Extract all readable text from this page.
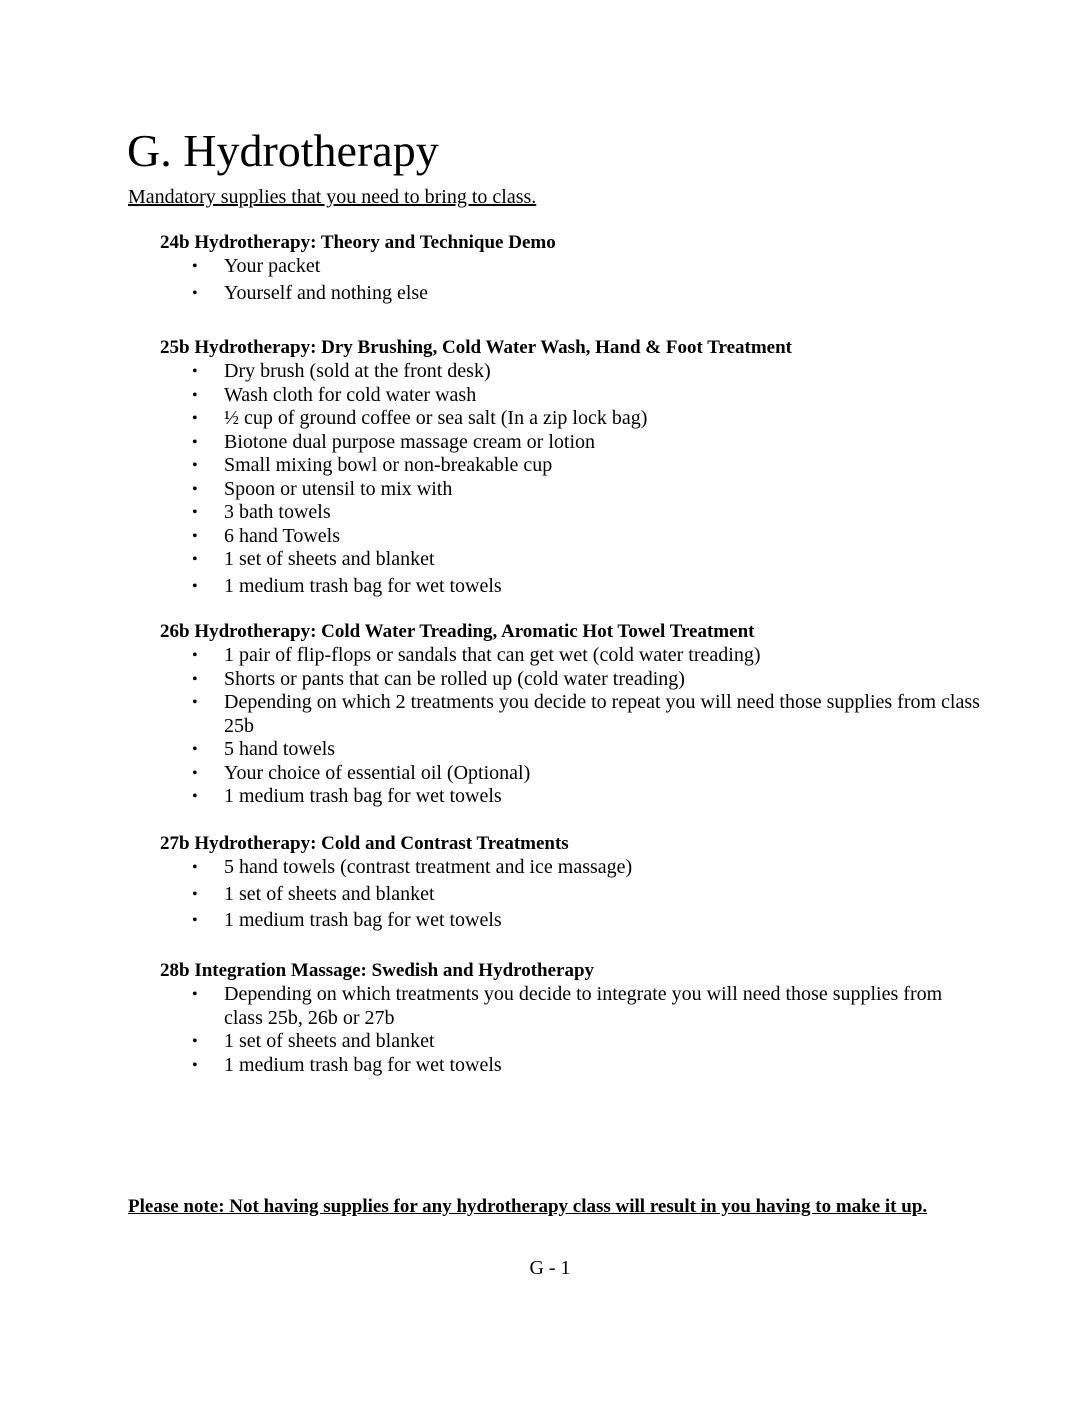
G. Hydrotherapy
Mandatory supplies that you need to bring to class.
24b Hydrotherapy: Theory and Technique Demo
• Your packet
• Yourself and nothing else
25b Hydrotherapy: Dry Brushing, Cold Water Wash, Hand & Foot Treatment
• Dry brush (sold at the front desk)
• Wash cloth for cold water wash
• ½ cup of ground coffee or sea salt (In a zip lock bag)
• Biotone dual purpose massage cream or lotion
• Small mixing bowl or non-breakable cup
• Spoon or utensil to mix with
• 3 bath towels
• 6 hand Towels
• 1 set of sheets and blanket
• 1 medium trash bag for wet towels
26b Hydrotherapy: Cold Water Treading, Aromatic Hot Towel Treatment
• 1 pair of flip-flops or sandals that can get wet (cold water treading)
• Shorts or pants that can be rolled up (cold water treading)
• Depending on which 2 treatments you decide to repeat you will need those supplies from class 25b
• 5 hand towels
• Your choice of essential oil (Optional)
• 1 medium trash bag for wet towels
27b Hydrotherapy: Cold and Contrast Treatments
• 5 hand towels (contrast treatment and ice massage)
• 1 set of sheets and blanket
• 1 medium trash bag for wet towels
28b Integration Massage: Swedish and Hydrotherapy
• Depending on which treatments you decide to integrate you will need those supplies from class 25b, 26b or 27b
• 1 set of sheets and blanket
• 1 medium trash bag for wet towels
Please note: Not having supplies for any hydrotherapy class will result in you having to make it up.
G - 1
